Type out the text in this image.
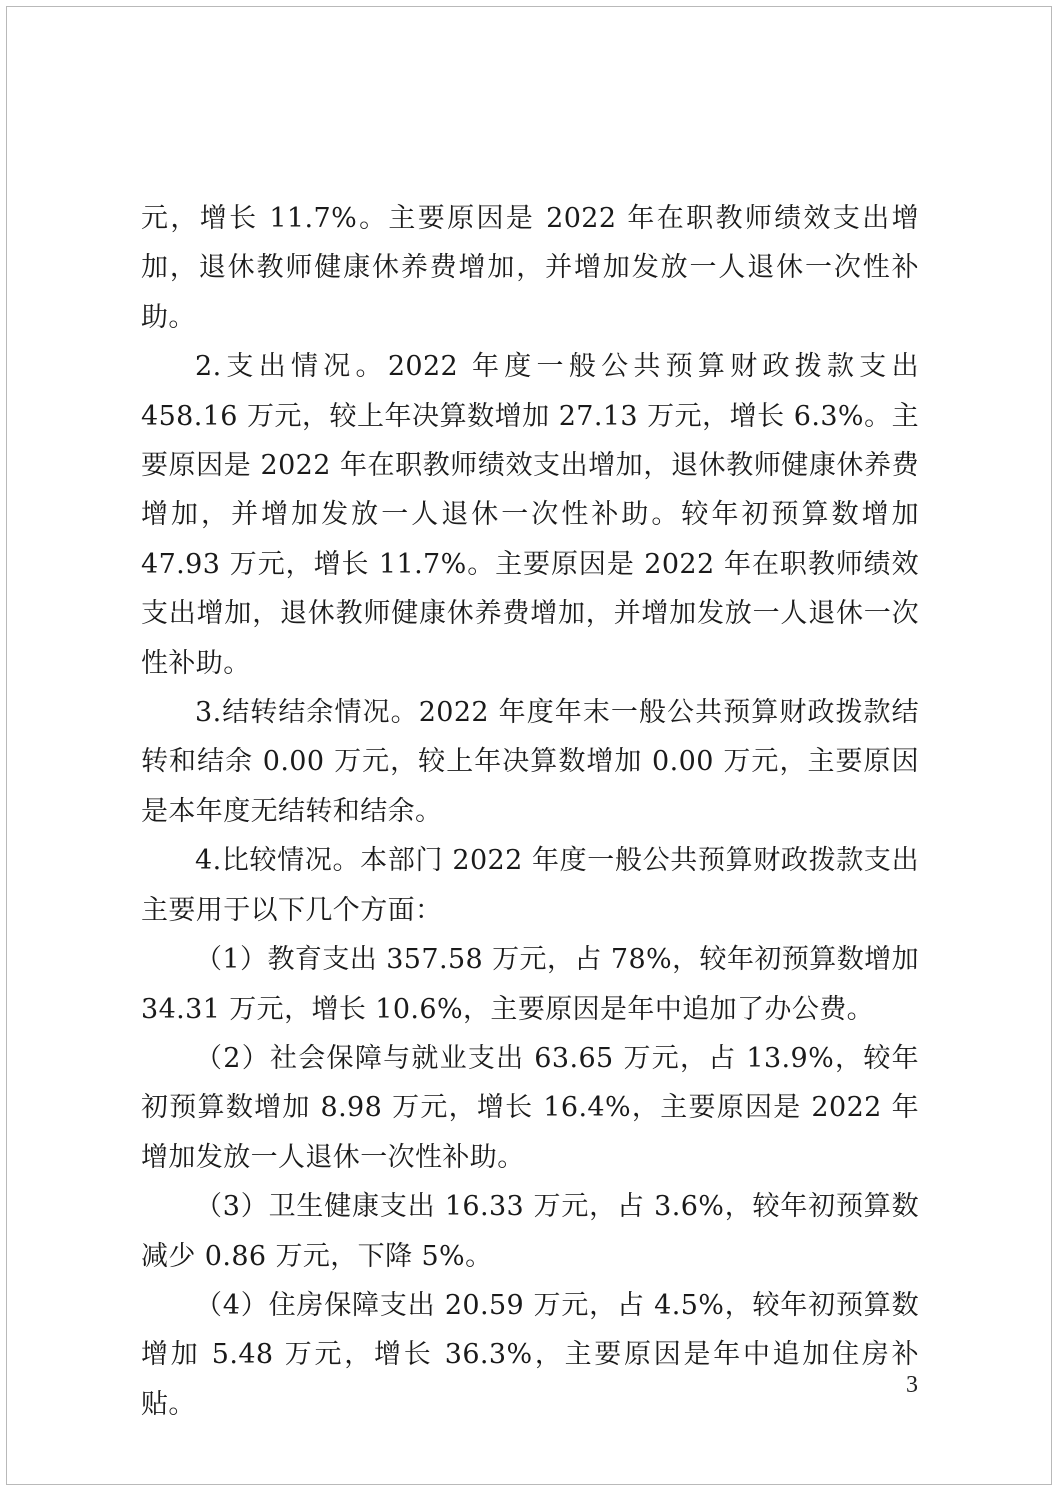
元，增长 11.7%。主要原因是 2022 年在职教师绩效支出增加，退休教师健康休养费增加，并增加发放一人退休一次性补助。

2.支出情况。2022 年度一般公共预算财政拨款支出 458.16 万元，较上年决算数增加 27.13 万元，增长 6.3%。主要原因是 2022 年在职教师绩效支出增加，退休教师健康休养费增加，并增加发放一人退休一次性补助。较年初预算数增加 47.93 万元，增长 11.7%。主要原因是 2022 年在职教师绩效支出增加，退休教师健康休养费增加，并增加发放一人退休一次性补助。

3.结转结余情况。2022 年度年末一般公共预算财政拨款结转和结余 0.00 万元，较上年决算数增加 0.00 万元，主要原因是本年度无结转和结余。

4.比较情况。本部门 2022 年度一般公共预算财政拨款支出主要用于以下几个方面：

（1）教育支出 357.58 万元，占 78%，较年初预算数增加 34.31 万元，增长 10.6%，主要原因是年中追加了办公费。

（2）社会保障与就业支出 63.65 万元，占 13.9%，较年初预算数增加 8.98 万元，增长 16.4%，主要原因是 2022 年增加发放一人退休一次性补助。

（3）卫生健康支出 16.33 万元，占 3.6%，较年初预算数减少 0.86 万元，下降 5%。

（4）住房保障支出 20.59 万元，占 4.5%，较年初预算数增加 5.48 万元，增长 36.3%，主要原因是年中追加住房补贴。

3
